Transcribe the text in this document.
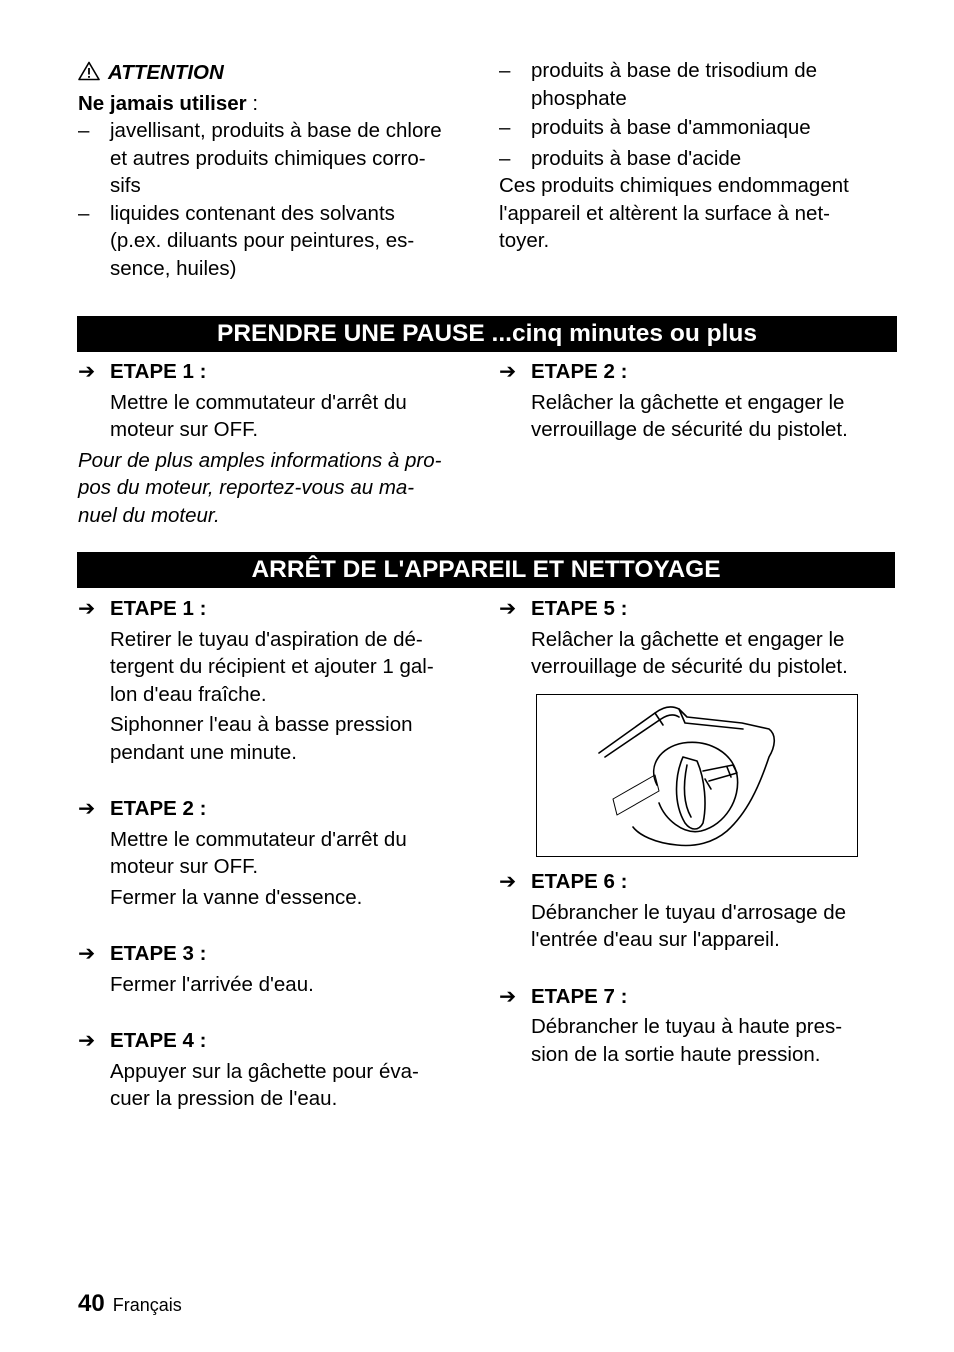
ATTENTION

Ne jamais utiliser :

– javellisant, produits à base de chlore
et autres produits chimiques corro-
sifs

– liquides contenant des solvants
(p.ex. diluants pour peintures, es-
sence, huiles)

– produits à base de trisodium de
phosphate

– produits à base d'ammoniaque

– produits à base d'acide

Ces produits chimiques endommagent
l'appareil et altèrent la surface à net-
toyer.

PRENDRE UNE PAUSE ...cinq minutes ou plus

➔ ETAPE 1 :

Mettre le commutateur d'arrêt du
moteur sur OFF.

Pour de plus amples informations à pro-
pos du moteur, reportez-vous au ma-
nuel du moteur.

➔ ETAPE 2 :

Relâcher la gâchette et engager le
verrouillage de sécurité du pistolet.

ARRÊT DE L'APPAREIL ET NETTOYAGE

➔ ETAPE 1 :

Retirer le tuyau d'aspiration de dé-
tergent du récipient et ajouter 1 gal-
lon d'eau fraîche.

Siphonner l'eau à basse pression
pendant une minute.

➔ ETAPE 2 :

Mettre le commutateur d'arrêt du
moteur sur OFF.

Fermer la vanne d'essence.

➔ ETAPE 3 :

Fermer l'arrivée d'eau.

➔ ETAPE 4 :

Appuyer sur la gâchette pour éva-
cuer la pression de l'eau.

➔ ETAPE 5 :

Relâcher la gâchette et engager le
verrouillage de sécurité du pistolet.

➔ ETAPE 6 :

Débrancher le tuyau d'arrosage de
l'entrée d'eau sur l'appareil.

➔ ETAPE 7 :

Débrancher le tuyau à haute pres-
sion de la sortie haute pression.

40 Français
